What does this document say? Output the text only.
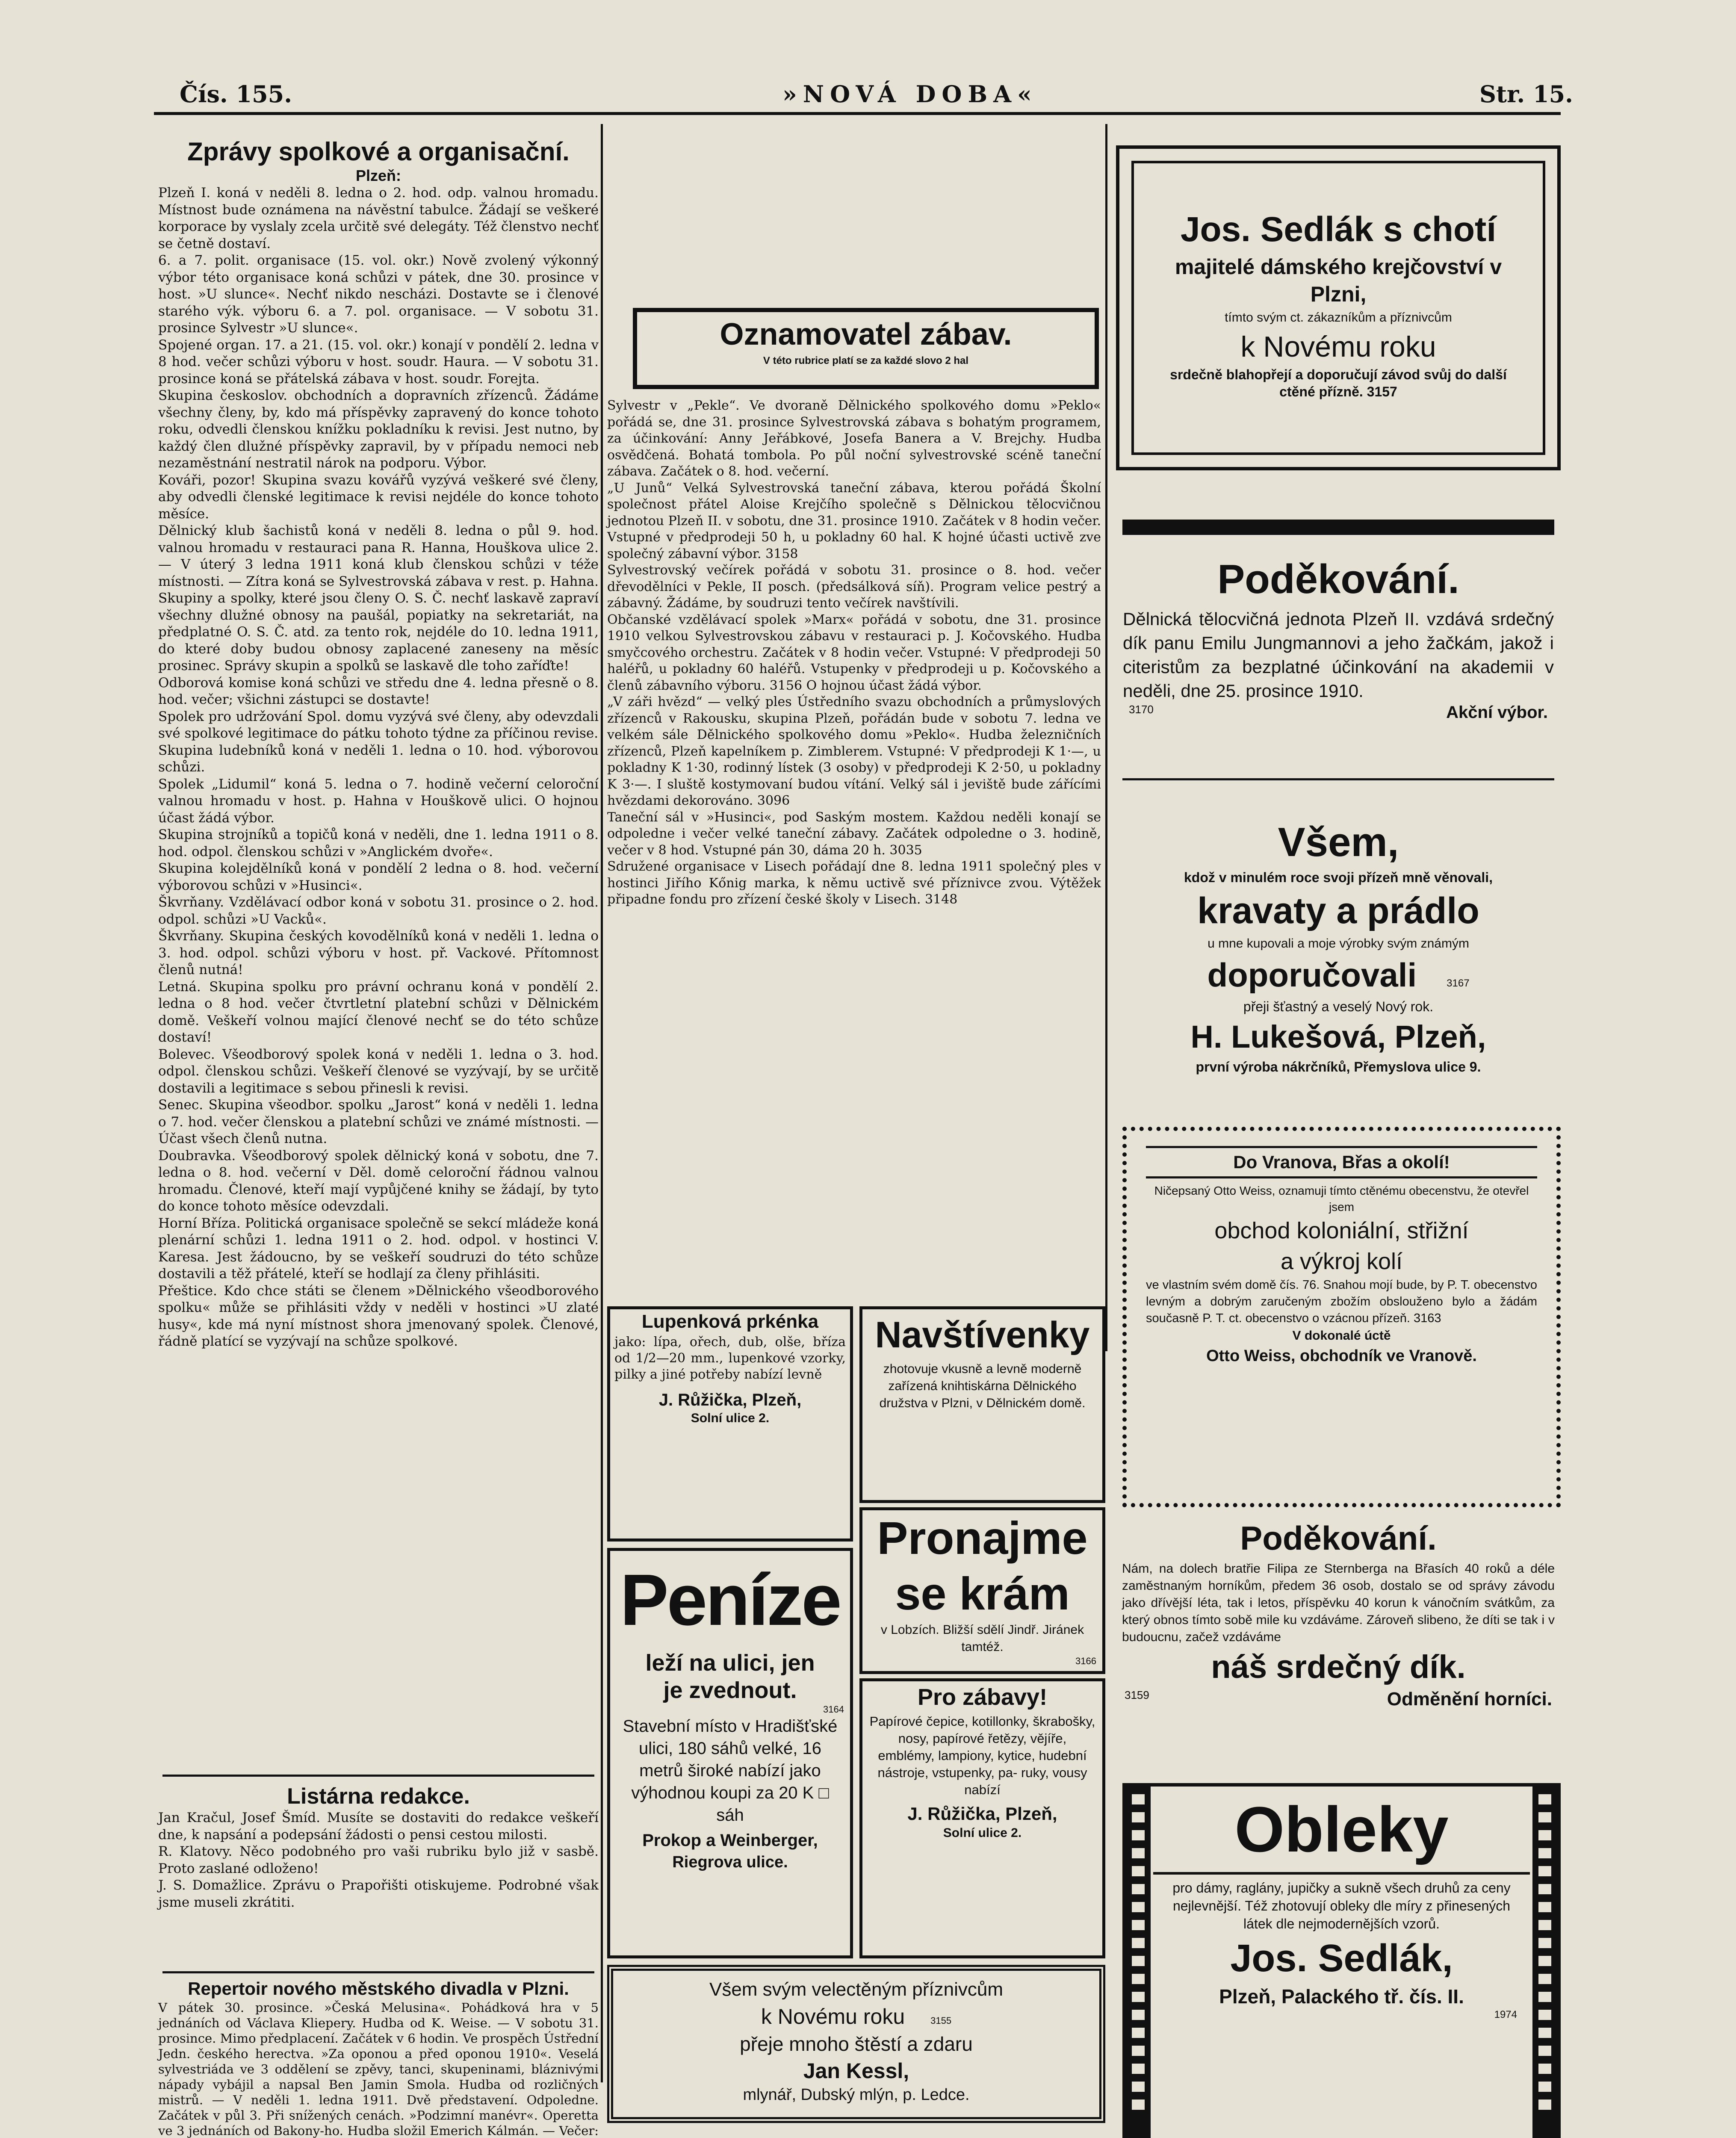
Čís. 155.	»NOVÁ DOBA«	Str. 15.

Zprávy spolkové a organisační.

Plzeň:

Plzeň I. koná v neděli 8. ledna o 2. hod. odp. valnou hromadu. Místnost bude oznámena na návěstní tabulce. Žádají se veškeré korporace by vyslaly zcela určitě své delegáty. Též členstvo nechť se četně dostaví.

6. a 7. polit. organisace (15. vol. okr.) Nově zvolený výkonný výbor této organisace koná schůzi v pátek, dne 30. prosince v host. »U slunce«. Nechť nikdo nescházi. Dostavte se i členové starého výk. výboru 6. a 7. pol. organisace. — V sobotu 31. prosince Sylvestr »U slunce«.

Spojené organ. 17. a 21. (15. vol. okr.) konají v pondělí 2. ledna v 8 hod. večer schůzi výboru v host. soudr. Haura. — V sobotu 31. prosince koná se přátelská zábava v host. soudr. Forejta.

Skupina českoslov. obchodních a dopravních zřízenců. Žádáme všechny členy, by, kdo má příspěvky zapravený do konce tohoto roku, odvedli členskou knížku pokladníku k revisi. Jest nutno, by každý člen dlužné příspěvky zapravil, by v případu nemoci neb nezaměstnání nestratil nárok na podporu. Výbor.

Kováři, pozor! Skupina svazu kovářů vyzývá veškeré své členy, aby odvedli členské legitimace k revisi nejdéle do konce tohoto měsíce.

Dělnický klub šachistů koná v neděli 8. ledna o půl 9. hod. valnou hromadu v restauraci pana R. Hanna, Houškova ulice 2. — V úterý 3 ledna 1911 koná klub členskou schůzi v téže místnosti. — Zítra koná se Sylvestrovská zábava v rest. p. Hahna.

Skupiny a spolky, které jsou členy O. S. Č. nechť laskavě zapraví všechny dlužné obnosy na paušál, popiatky na sekretariát, na předplatné O. S. Č. atd. za tento rok, nejdéle do 10. ledna 1911, do které doby budou obnosy zaplacené zaneseny na měsíc prosinec. Správy skupin a spolků se laskavě dle toho zaříďte!

Odborová komise koná schůzi ve středu dne 4. ledna přesně o 8. hod. večer; všichni zástupci se dostavte!

Spolek pro udržování Spol. domu vyzývá své členy, aby odevzdali své spolkové legitimace do pátku tohoto týdne za příčinou revise.

Skupina ludebníků koná v neděli 1. ledna o 10. hod. výborovou schůzi.

Spolek „Lidumil“ koná 5. ledna o 7. hodině večerní celoroční valnou hromadu v host. p. Hahna v Houškově ulici. O hojnou účast žádá výbor.

Skupina strojníků a topičů koná v neděli, dne 1. ledna 1911 o 8. hod. odpol. členskou schůzi v »Anglickém dvoře«.

Skupina kolejdělníků koná v pondělí 2 ledna o 8. hod. večerní výborovou schůzi v »Husinci«.

Škvrňany. Vzdělávací odbor koná v sobotu 31. prosince o 2. hod. odpol. schůzi »U Vacků«.

Škvrňany. Skupina českých kovodělníků koná v neděli 1. ledna o 3. hod. odpol. schůzi výboru v host. př. Vackové. Přítomnost členů nutná!

Letná. Skupina spolku pro právní ochranu koná v pondělí 2. ledna o 8 hod. večer čtvrtletní platební schůzi v Dělnickém domě. Veškeří volnou mající členové nechť se do této schůze dostaví!

Bolevec. Všeodborový spolek koná v neděli 1. ledna o 3. hod. odpol. členskou schůzi. Veškeří členové se vyzývají, by se určitě dostavili a legitimace s sebou přinesli k revisi.

Senec. Skupina všeodbor. spolku „Jarost“ koná v neděli 1. ledna o 7. hod. večer členskou a platební schůzi ve známé místnosti. — Účast všech členů nutna.

Doubravka. Všeodborový spolek dělnický koná v sobotu, dne 7. ledna o 8. hod. večerní v Děl. domě celoroční řádnou valnou hromadu. Členové, kteří mají vypůjčené knihy se žádají, by tyto do konce tohoto měsíce odevzdali.

Horní Bříza. Politická organisace společně se sekcí mládeže koná plenární schůzi 1. ledna 1911 o 2. hod. odpol. v hostinci V. Karesa. Jest žádoucno, by se veškeří soudruzi do této schůze dostavili a těž přátelé, kteří se hodlají za členy přihlásiti.

Přeštice. Kdo chce státi se členem »Dělnického všeodborového spolku« může se přihlásiti vždy v neděli v hostinci »U zlaté husy«, kde má nyní místnost shora jmenovaný spolek. Členové, řádně platící se vyzývají na schůze spolkové.

Listárna redakce.

Jan Kračul, Josef Šmíd. Musíte se dostaviti do redakce veškeří dne, k napsání a podepsání žádosti o pensi cestou milosti.

R. Klatovy. Něco podobného pro vaši rubriku bylo již v sasbě. Proto zaslané odloženo!

J. S. Domažlice. Zprávu o Prapořišti otiskujeme. Podrobné však jsme museli zkrátiti.

Repertoir nového městského divadla v Plzni.

V pátek 30. prosince. »Česká Melusina«. Pohádková hra v 5 jednáních od Václava Kliepery. Hudba od K. Weise. — V sobotu 31. prosince. Mimo předplacení. Začátek v 6 hodin. Ve prospěch Ústřední Jedn. českého herectva. »Za oponou a před oponou 1910«. Veselá sylvestriáda ve 3 oddělení se zpěvy, tanci, skupeninami, bláznivými nápady vybájil a napsal Ben Jamin Smola. Hudba od rozličných mistrů. — V neděli 1. ledna 1911. Dvě představení. Odpoledne. Začátek v půl 3. Při snížených cenách. »Podzimní manévr«. Operetta ve 3 jednáních od Bakony-ho. Hudba složil Emerich Kálmán. — Večer:

Oznamovatel zábav.

V této rubrice platí se za každé slovo 2 hal

Sylvestr v „Pekle“. Ve dvoraně Dělnického spolkového domu »Peklo« pořádá se, dne 31. prosince Sylvestrovská zábava s bohatým programem, za účinkování: Anny Jeřábkové, Josefa Banera a V. Brejchy. Hudba osvědčená. Bohatá tombola. Po půl noční sylvestrovské scéně taneční zábava. Začátek o 8. hod. večerní.

„U Junů“ Velká Sylvestrovská taneční zábava, kterou pořádá Školní společnost přátel Aloise Krejčího společně s Dělnickou tělocvičnou jednotou Plzeň II. v sobotu, dne 31. prosince 1910. Začátek v 8 hodin večer. Vstupné v předprodeji 50 h, u pokladny 60 hal. K hojné účasti uctivě zve společný zábavní výbor. 3158

Sylvestrovský večírek pořádá v sobotu 31. prosince o 8. hod. večer dřevodělníci v Pekle, II posch. (předsálková síň). Program velice pestrý a zábavný. Žádáme, by soudruzi tento večírek navštívili.

Občanské vzdělávací spolek »Marx« pořádá v sobotu, dne 31. prosince 1910 velkou Sylvestrovskou zábavu v restauraci p. J. Kočovského. Hudba smyčcového orchestru. Začátek v 8 hodin večer. Vstupné: V předprodeji 50 haléřů, u pokladny 60 haléřů. Vstupenky v předprodeji u p. Kočovského a členů zábavního výboru. 3156 O hojnou účast žádá výbor.

„V záři hvězd“ — velký ples Ústředního svazu obchodních a průmyslových zřízenců v Rakousku, skupina Plzeň, pořádán bude v sobotu 7. ledna ve velkém sále Dělnického spolkového domu »Peklo«. Hudba železničních zřízenců, Plzeň kapelníkem p. Zimblerem. Vstupné: V předprodeji K 1·—, u pokladny K 1·30, rodinný lístek (3 osoby) v předprodeji K 2·50, u pokladny K 3·—. I sluště kostymovaní budou vítání. Velký sál i jeviště bude zářícími hvězdami dekorováno. 3096

Taneční sál v »Husinci«, pod Saským mostem. Každou neděli konají se odpoledne i večer velké taneční zábavy. Začátek odpoledne o 3. hodině, večer v 8 hod. Vstupné pán 30, dáma 20 h. 3035

Sdružené organisace v Lisech pořádají dne 8. ledna 1911 společný ples v hostinci Jiřího Kőnig marka, k němu uctivě své příznivce zvou. Výtěžek připadne fondu pro zřízení české školy v Lisech. 3148

Lupenková prkénka

jako: lípa, ořech, dub, olše, bříza od 1/2—20 mm., lupenkové vzorky, pilky a jiné potřeby nabízí levně

J. Růžička, Plzeň,

Solní ulice 2.

Navštívenky

zhotovuje vkusně a levně moderně zařízená knihtiskárna Dělnického družstva v Plzni, v Dělnickém domě.

Peníze

leží na ulici, jen

je zvednout.

3164

Stavební místo v Hradišťské ulici, 180 sáhů velké, 16 metrů široké nabízí jako výhodnou koupi za 20 K □ sáh

Prokop a Weinberger,

Riegrova ulice.

Pronajme

se krám

v Lobzích. Bližší sdělí Jindř. Jiránek tamtéž.

3166

Pro zábavy!

Papírové čepice, kotillonky, škrabošky, nosy, papírové řetězy, vějíře, emblémy, lampiony, kytice, hudební nástroje, vstupenky, pa- ruky, vousy nabízí

J. Růžička, Plzeň,

Solní ulice 2.

Všem svým velectěným příznivcům

k Novému roku	3155

přeje mnoho štěstí a zdaru

Jan Kessl,

mlynář, Dubský mlýn, p. Ledce.

Jos. Sedlák s chotí

majitelé dámského krejčovství v Plzni,

tímto svým ct. zákazníkům a příznivcům

k Novému roku

srdečně blahopřejí a doporučují závod svůj do další ctěné přízně. 3157

Poděkování.

Dělnická tělocvičná jednota Plzeň II. vzdává srdečný dík panu Emilu Jungmannovi a jeho žačkám, jakož i citeristům za bezplatné účinkování na akademii v neděli, dne 25. prosince 1910.

3170	Akční výbor.

Všem,

kdož v minulém roce svoji přízeň mně věnovali,

kravaty a prádlo

u mne kupovali a moje výrobky svým známým

doporučovali	3167

přeji šťastný a veselý Nový rok.

H. Lukešová, Plzeň,

první výroba nákrčníků, Přemyslova ulice 9.

Do Vranova, Břas a okolí!

Ničepsaný Otto Weiss, oznamuji tímto ctěnému obecenstvu, že otevřel jsem

obchod koloniální, střižní

a výkroj kolí

ve vlastním svém domě čís. 76. Snahou mojí bude, by P. T. obecenstvo levným a dobrým zaručeným zbožím obslouženo bylo a žádám současně P. T. ct. obecenstvo o vzácnou přízeň. 3163

V dokonalé úctě

Otto Weiss, obchodník ve Vranově.

Poděkování.

Nám, na dolech bratřie Filipa ze Sternberga na Břasích 40 roků a déle zaměstnaným horníkům, předem 36 osob, dostalo se od správy závodu jako dřívější léta, tak i letos, příspěvku 40 korun k vánočním svátkům, za který obnos tímto sobě mile ku vzdáváme. Zároveň slibeno, že díti se tak i v budoucnu, začež vzdáváme

náš srdečný dík.

3159	Odměnění horníci.

Obleky

pro dámy, raglány, jupičky a sukně všech druhů za ceny nejlevnější. Též zhotovují obleky dle míry z přinesených látek dle nejmodernějších vzorů.

Jos. Sedlák,

Plzeň, Palackého tř. čís. II.

1974
